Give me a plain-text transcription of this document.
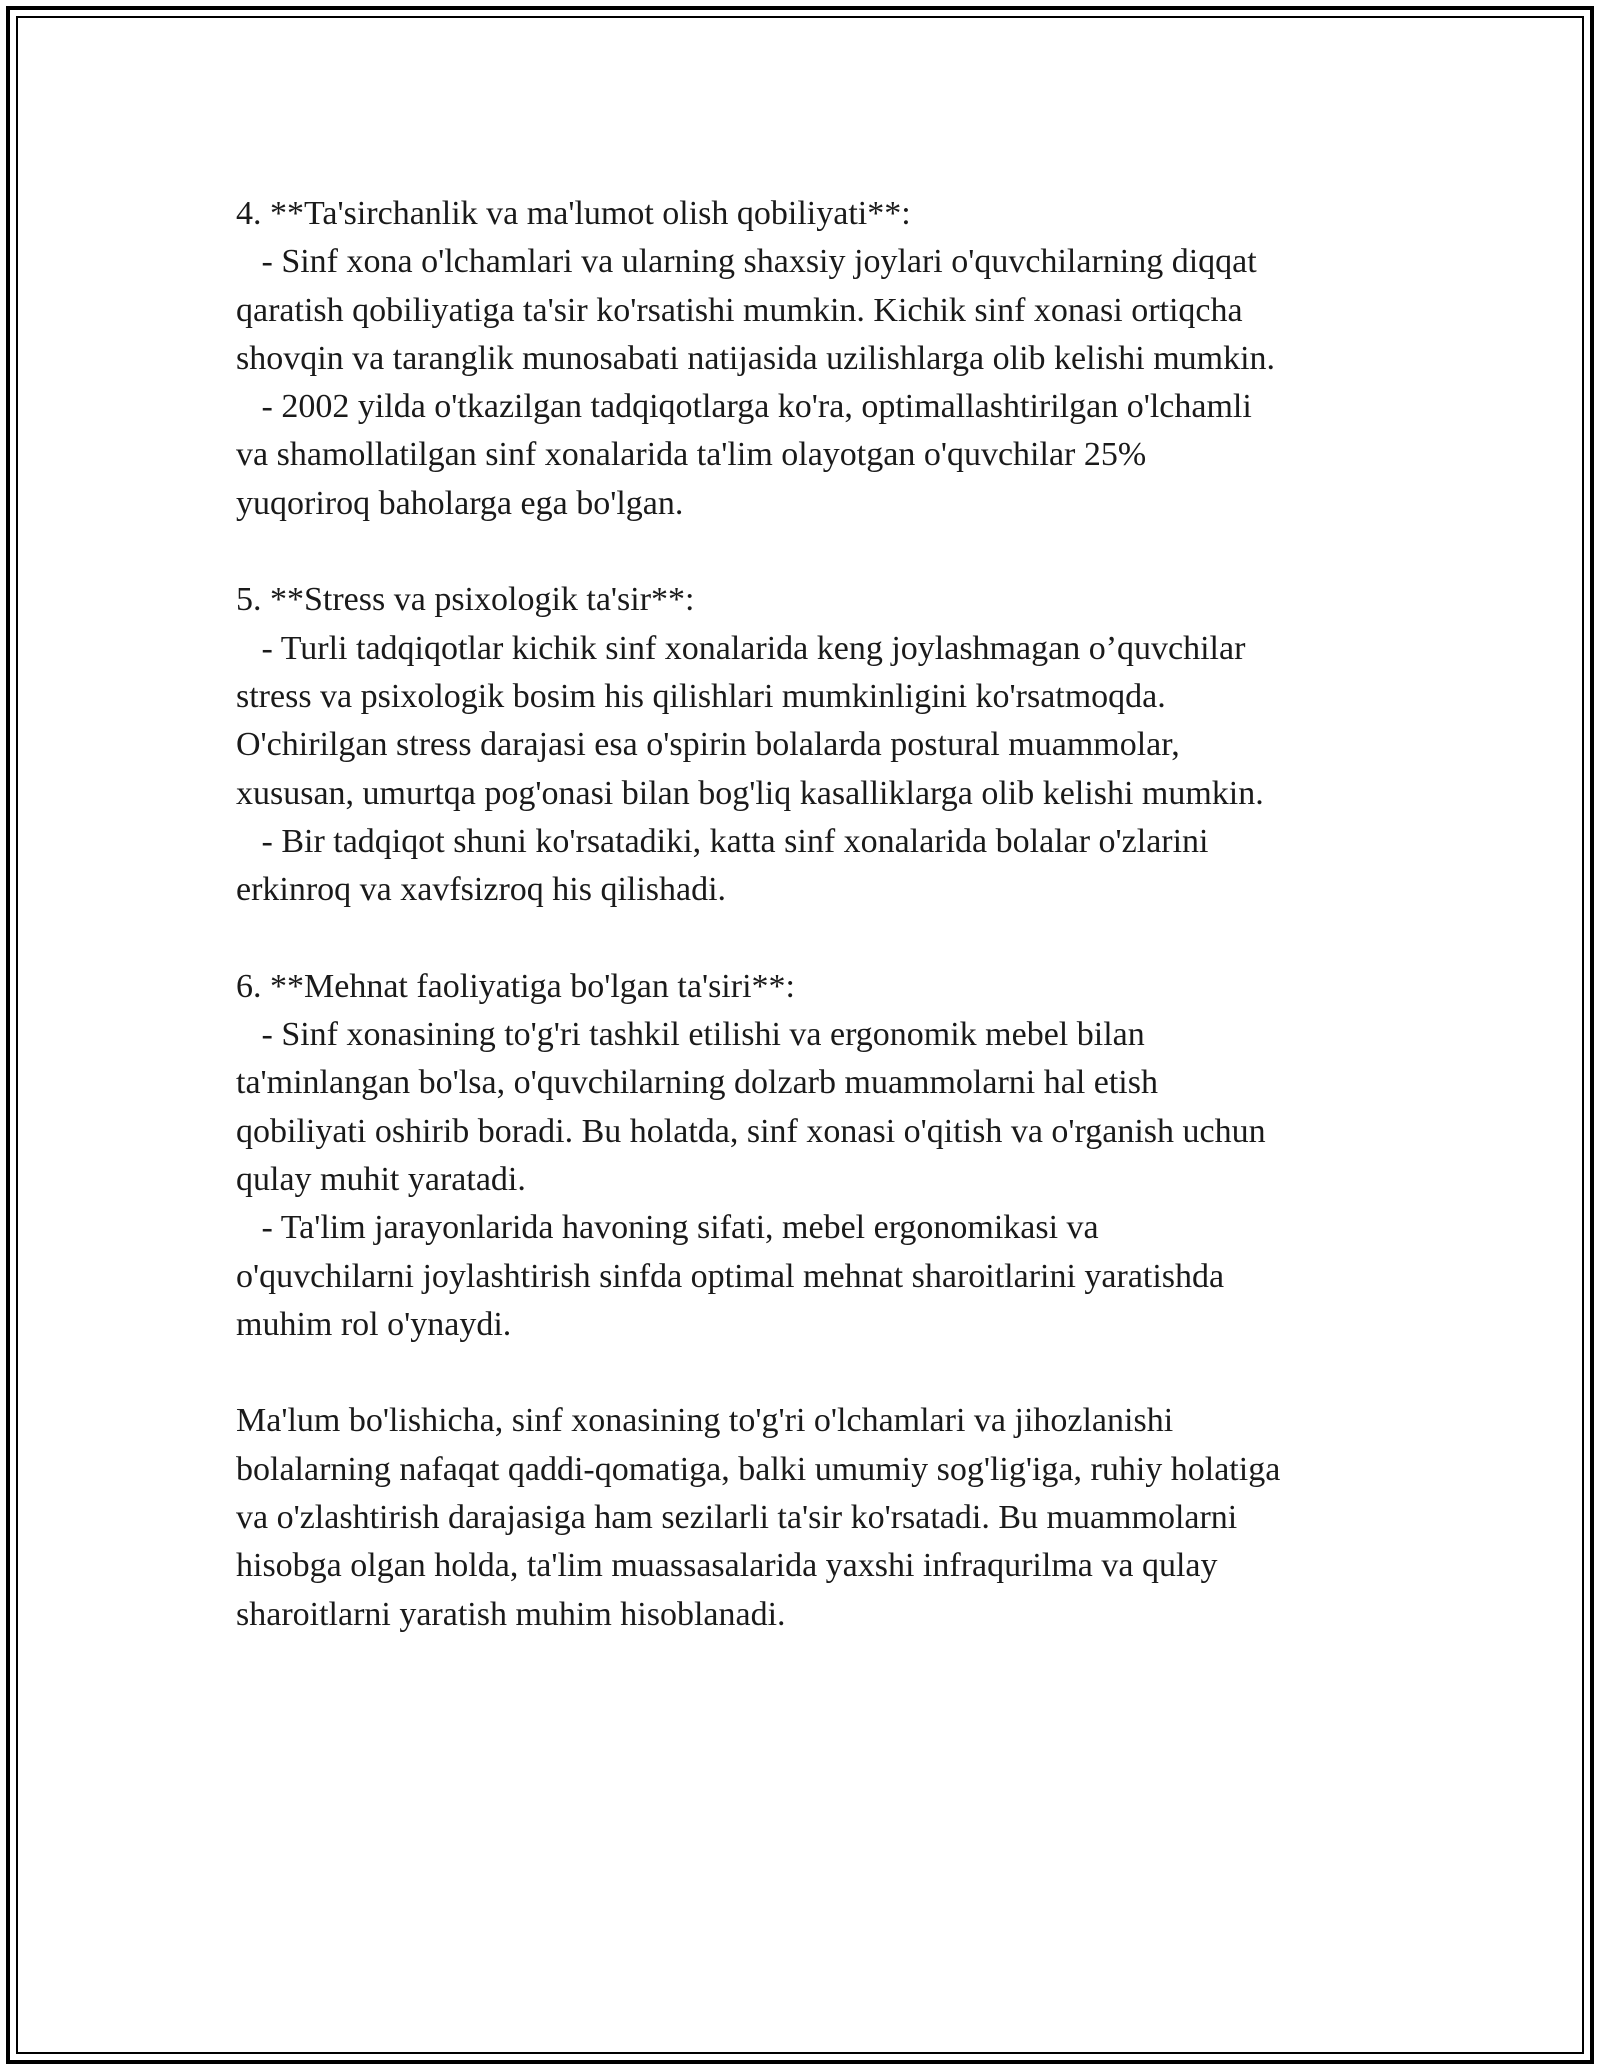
4. **Ta'sirchanlik va ma'lumot olish qobiliyati**:
- Sinf xona o'lchamlari va ularning shaxsiy joylari o'quvchilarning diqqat
qaratish qobiliyatiga ta'sir ko'rsatishi mumkin. Kichik sinf xonasi ortiqcha
shovqin va taranglik munosabati natijasida uzilishlarga olib kelishi mumkin.
- 2002 yilda o'tkazilgan tadqiqotlarga ko'ra, optimallashtirilgan o'lchamli
va shamollatilgan sinf xonalarida ta'lim olayotgan o'quvchilar 25%
yuqoriroq baholarga ega bo'lgan.
5. **Stress va psixologik ta'sir**:
- Turli tadqiqotlar kichik sinf xonalarida keng joylashmagan o’quvchilar
stress va psixologik bosim his qilishlari mumkinligini ko'rsatmoqda.
O'chirilgan stress darajasi esa o'spirin bolalarda postural muammolar,
xususan, umurtqa pog'onasi bilan bog'liq kasalliklarga olib kelishi mumkin.
- Bir tadqiqot shuni ko'rsatadiki, katta sinf xonalarida bolalar o'zlarini
erkinroq va xavfsizroq his qilishadi.
6. **Mehnat faoliyatiga bo'lgan ta'siri**:
- Sinf xonasining to'g'ri tashkil etilishi va ergonomik mebel bilan
ta'minlangan bo'lsa, o'quvchilarning dolzarb muammolarni hal etish
qobiliyati oshirib boradi. Bu holatda, sinf xonasi o'qitish va o'rganish uchun
qulay muhit yaratadi.
- Ta'lim jarayonlarida havoning sifati, mebel ergonomikasi va
o'quvchilarni joylashtirish sinfda optimal mehnat sharoitlarini yaratishda
muhim rol o'ynaydi.
Ma'lum bo'lishicha, sinf xonasining to'g'ri o'lchamlari va jihozlanishi
bolalarning nafaqat qaddi-qomatiga, balki umumiy sog'lig'iga, ruhiy holatiga
va o'zlashtirish darajasiga ham sezilarli ta'sir ko'rsatadi. Bu muammolarni
hisobga olgan holda, ta'lim muassasalarida yaxshi infraqurilma va qulay
sharoitlarni yaratish muhim hisoblanadi.
